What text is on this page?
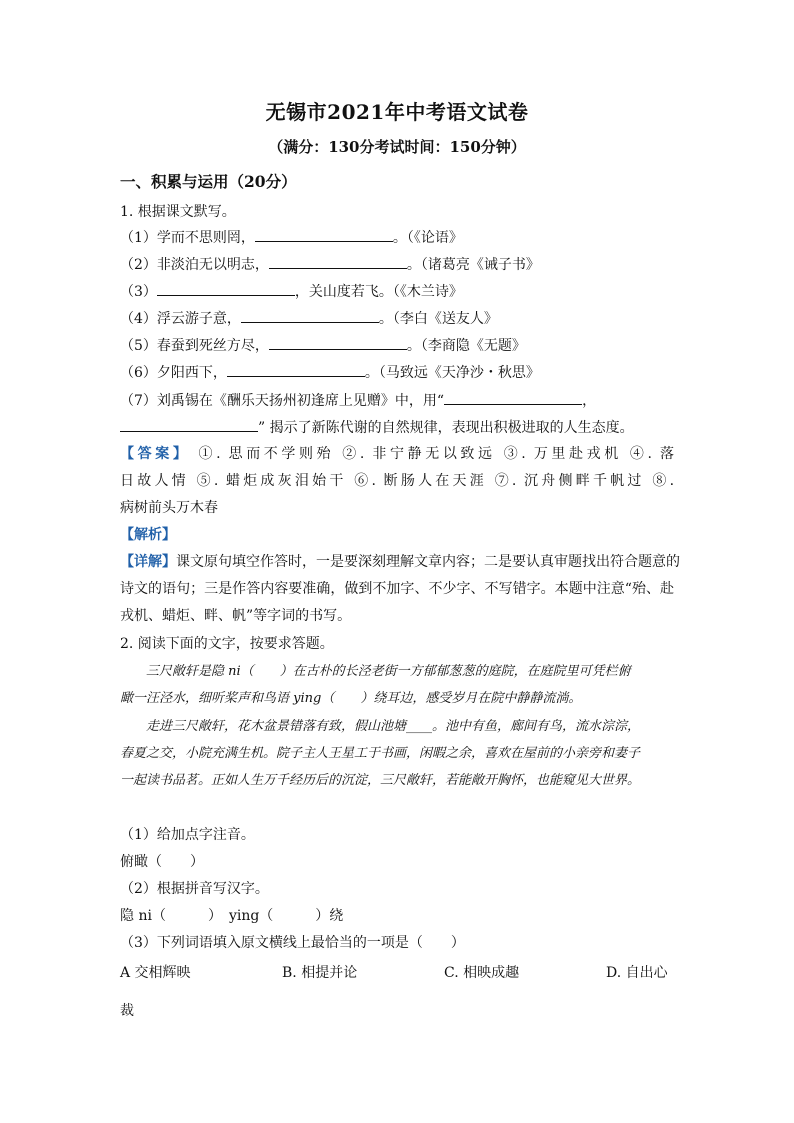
无锡市2021年中考语文试卷
（满分：130分考试时间：150分钟）
一、积累与运用（20分）
1. 根据课文默写。
（1）学而不思则罔，	。（《论语》
（2）非淡泊无以明志，	。（诸葛亮《诫子书》
（3）	，关山度若飞。（《木兰诗》
（4）浮云游子意，	。（李白《送友人》
（5）春蚕到死丝方尽，	。（李商隐《无题》
（6）夕阳西下，	。（马致远《天净沙・秋思》
（7）刘禹锡在《酬乐天扬州初逢席上见赠》中，用“	，
” 揭示了新陈代谢的自然规律，表现出积极进取的人生态度。
【答案】 ①. 思而不学则殆 ②. 非宁静无以致远 ③. 万里赴戎机 ④. 落
日故人情 ⑤. 蜡炬成灰泪始干 ⑥. 断肠人在天涯 ⑦. 沉舟侧畔千帆过 ⑧.
病树前头万木春
【解析】
【详解】课文原句填空作答时，一是要深刻理解文章内容；二是要认真审题找出符合题意的
诗文的语句；三是作答内容要准确，做到不加字、不少字、不写错字。本题中注意“殆、赴
戎机、蜡炬、畔、帆”等字词的书写。
2. 阅读下面的文字，按要求答题。
三尺敞轩是隐 ni（　　）在古朴的长泾老街一方郁郁葱葱的庭院，在庭院里可凭栏俯
瞰一汪泾水，细听桨声和鸟语 ying（　　）绕耳边，感受岁月在院中静静流淌。
走进三尺敞轩，花木盆景错落有致，假山池塘____。池中有鱼，廊间有鸟，流水淙淙，
春夏之交，小院充满生机。院子主人王星工于书画，闲暇之余，喜欢在屋前的小亲旁和妻子
一起读书品茗。正如人生万千经历后的沉淀，三尺敞轩，若能敞开胸怀，也能窥见大世界。
（1）给加点字注音。
俯瞰（　　）
（2）根据拼音写汉字。
隐 ni（　　　）　ying（　　　）绕
（3）下列词语填入原文横线上最恰当的一项是（　　）
A 交相辉映	B. 相提并论	C. 相映成趣	D. 自出心
裁
